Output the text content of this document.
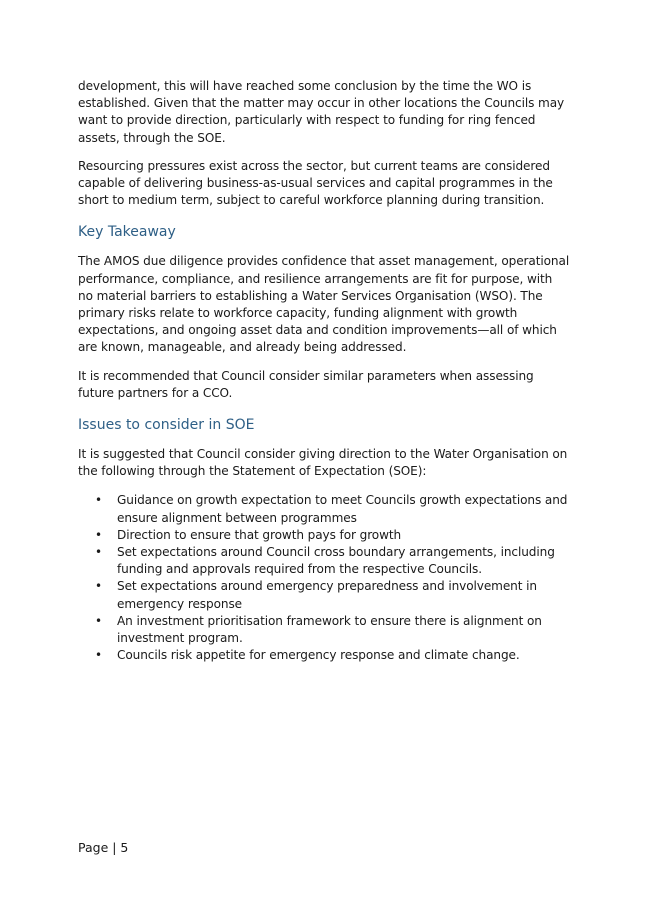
development, this will have reached some conclusion by the time the WO is established. Given that the matter may occur in other locations the Councils may want to provide direction, particularly with respect to funding for ring fenced assets, through the SOE.

Resourcing pressures exist across the sector, but current teams are considered capable of delivering business-as-usual services and capital programmes in the short to medium term, subject to careful workforce planning during transition.

Key Takeaway

The AMOS due diligence provides confidence that asset management, operational performance, compliance, and resilience arrangements are fit for purpose, with no material barriers to establishing a Water Services Organisation (WSO). The primary risks relate to workforce capacity, funding alignment with growth expectations, and ongoing asset data and condition improvements—all of which are known, manageable, and already being addressed.

It is recommended that Council consider similar parameters when assessing future partners for a CCO.

Issues to consider in SOE

It is suggested that Council consider giving direction to the Water Organisation on the following through the Statement of Expectation (SOE):

• Guidance on growth expectation to meet Councils growth expectations and ensure alignment between programmes
• Direction to ensure that growth pays for growth
• Set expectations around Council cross boundary arrangements, including funding and approvals required from the respective Councils.
• Set expectations around emergency preparedness and involvement in emergency response
• An investment prioritisation framework to ensure there is alignment on investment program.
• Councils risk appetite for emergency response and climate change.
Page | 5
